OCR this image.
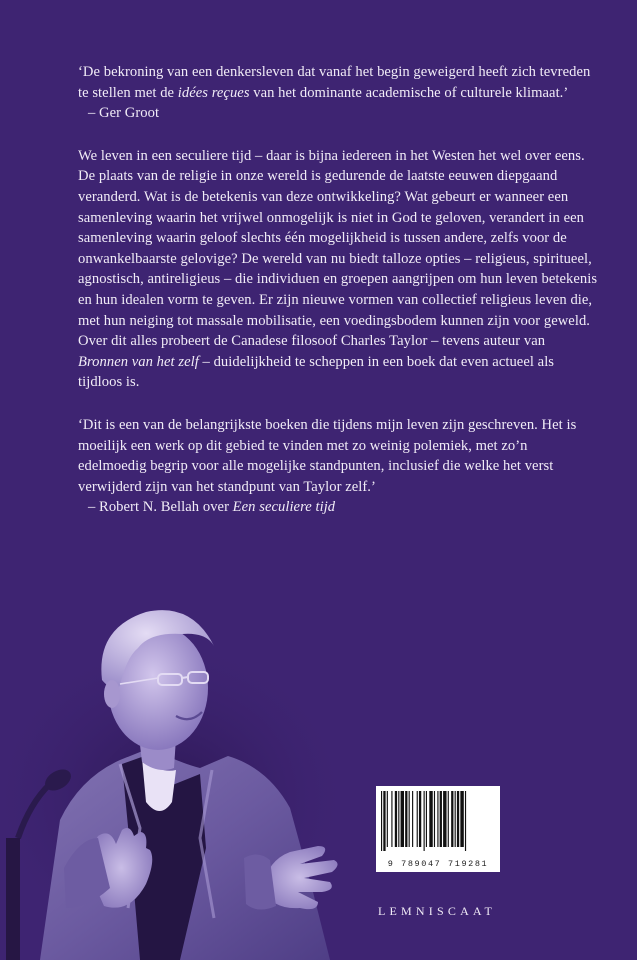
‘De bekroning van een denkersleven dat vanaf het begin geweigerd heeft zich tevreden te stellen met de idées reçues van het dominante academische of culturele klimaat.’

– Ger Groot

We leven in een seculiere tijd – daar is bijna iedereen in het Westen het wel over eens. De plaats van de religie in onze wereld is gedurende de laatste eeuwen diepgaand veranderd. Wat is de betekenis van deze ontwikkeling? Wat gebeurt er wanneer een samenleving waarin het vrijwel onmogelijk is niet in God te geloven, verandert in een samenleving waarin geloof slechts één mogelijkheid is tussen andere, zelfs voor de onwankelbaarste gelovige? De wereld van nu biedt talloze opties – religieus, spiritueel, agnostisch, antireligieus – die individuen en groepen aangrijpen om hun leven betekenis en hun idealen vorm te geven. Er zijn nieuwe vormen van collectief religieus leven die, met hun neiging tot massale mobilisatie, een voedingsbodem kunnen zijn voor geweld. Over dit alles probeert de Canadese filosoof Charles Taylor – tevens auteur van Bronnen van het zelf – duidelijkheid te scheppen in een boek dat even actueel als tijdloos is.

‘Dit is een van de belangrijkste boeken die tijdens mijn leven zijn geschreven. Het is moeilijk een werk op dit gebied te vinden met zo weinig polemiek, met zo’n edelmoedig begrip voor alle mogelijke standpunten, inclusief die welke het verst verwijderd zijn van het standpunt van Taylor zelf.’

– Robert N. Bellah over Een seculiere tijd

9 789047 719281
LEMNISCAAT
